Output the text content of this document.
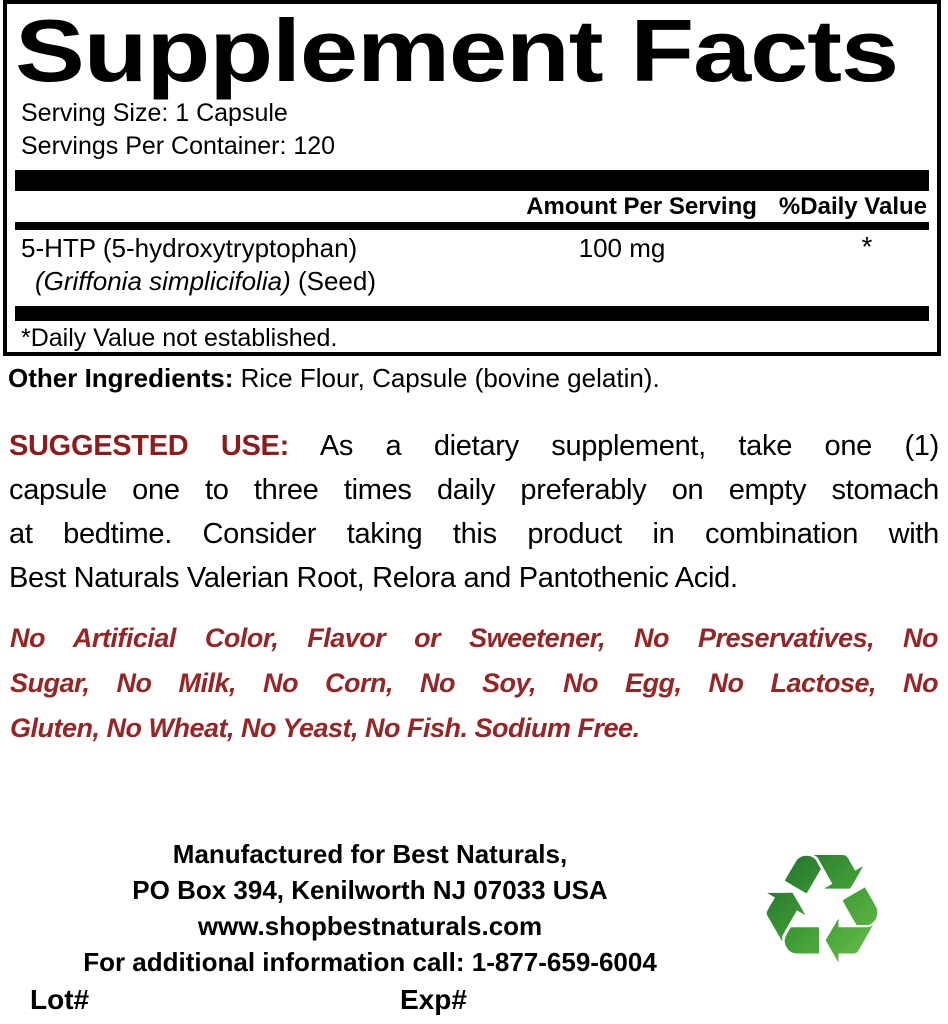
Supplement Facts
Serving Size: 1 Capsule
Servings Per Container: 120
Amount Per Serving %Daily Value
5-HTP (5-hydroxytryptophan)
(Griffonia simplicifolia) (Seed)
100 mg	*
*Daily Value not established.
Other Ingredients: Rice Flour, Capsule (bovine gelatin).
SUGGESTED USE: As a dietary supplement, take one (1)
capsule one to three times daily preferably on empty stomach
at bedtime. Consider taking this product in combination with
Best Naturals Valerian Root, Relora and Pantothenic Acid.
No Artificial Color, Flavor or Sweetener, No Preservatives, No
Sugar, No Milk, No Corn, No Soy, No Egg, No Lactose, No
Gluten, No Wheat, No Yeast, No Fish. Sodium Free.
Manufactured for Best Naturals,
PO Box 394, Kenilworth NJ 07033 USA
www.shopbestnaturals.com
For additional information call: 1-877-659-6004
Lot#	Exp#
♻
